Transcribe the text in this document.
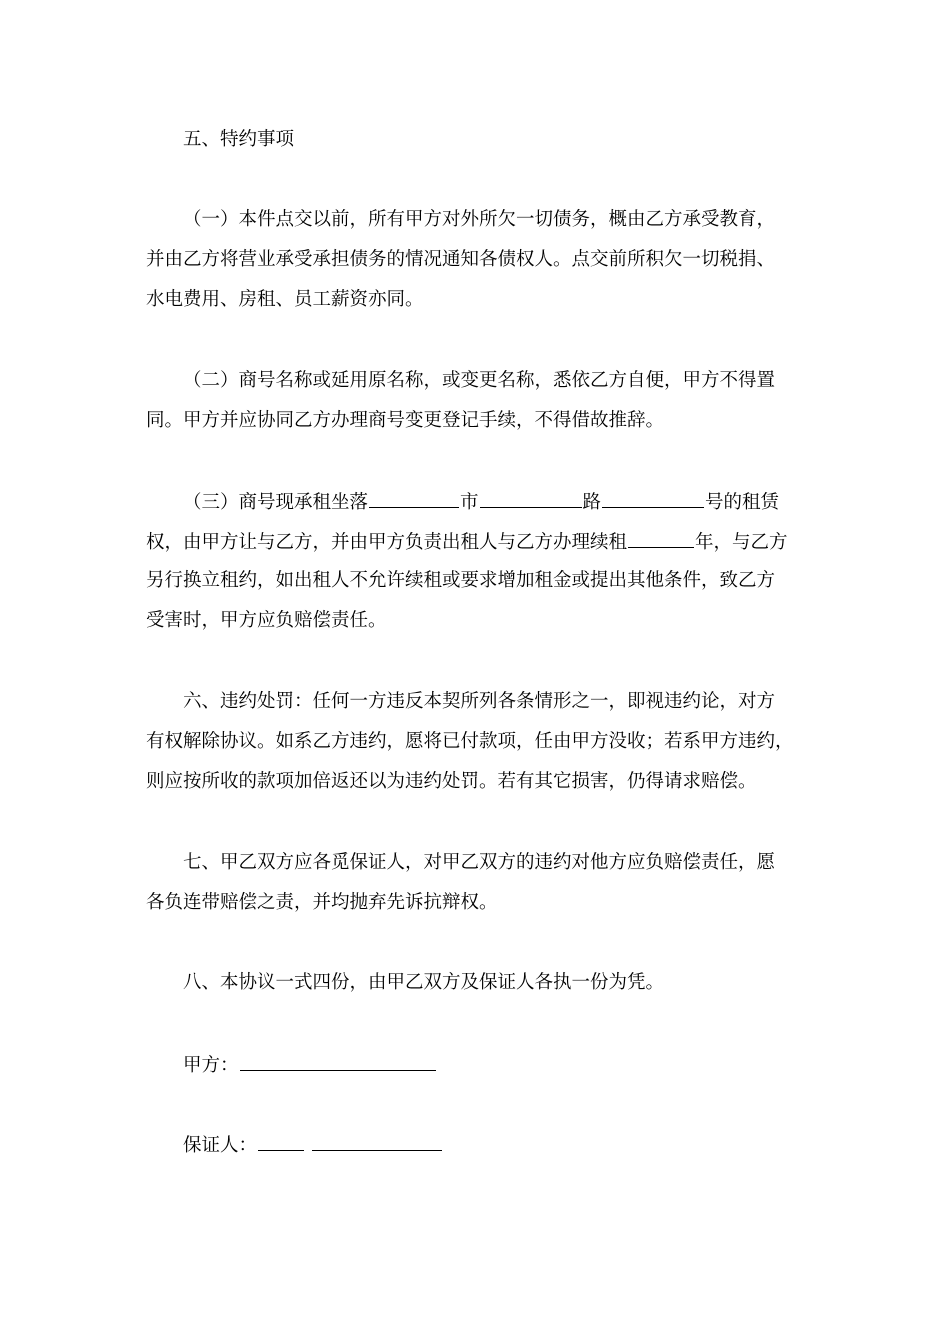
五、特约事项
（一）本件点交以前，所有甲方对外所欠一切债务，概由乙方承受教育，
并由乙方将营业承受承担债务的情况通知各债权人。点交前所积欠一切税捐、
水电费用、房租、员工薪资亦同。
（二）商号名称或延用原名称，或变更名称，悉依乙方自便，甲方不得置
同。甲方并应协同乙方办理商号变更登记手续，不得借故推辞。
（三）商号现承租坐落	市	路	号的租赁
权，由甲方让与乙方，并由甲方负责出租人与乙方办理续租	年，与乙方
另行换立租约，如出租人不允许续租或要求增加租金或提出其他条件，致乙方
受害时，甲方应负赔偿责任。
六、违约处罚：任何一方违反本契所列各条情形之一，即视违约论，对方
有权解除协议。如系乙方违约，愿将已付款项，任由甲方没收；若系甲方违约，
则应按所收的款项加倍返还以为违约处罚。若有其它损害，仍得请求赔偿。
七、甲乙双方应各觅保证人，对甲乙双方的违约对他方应负赔偿责任，愿
各负连带赔偿之责，并均抛弃先诉抗辩权。
八、本协议一式四份，由甲乙双方及保证人各执一份为凭。
甲方：
保证人：
